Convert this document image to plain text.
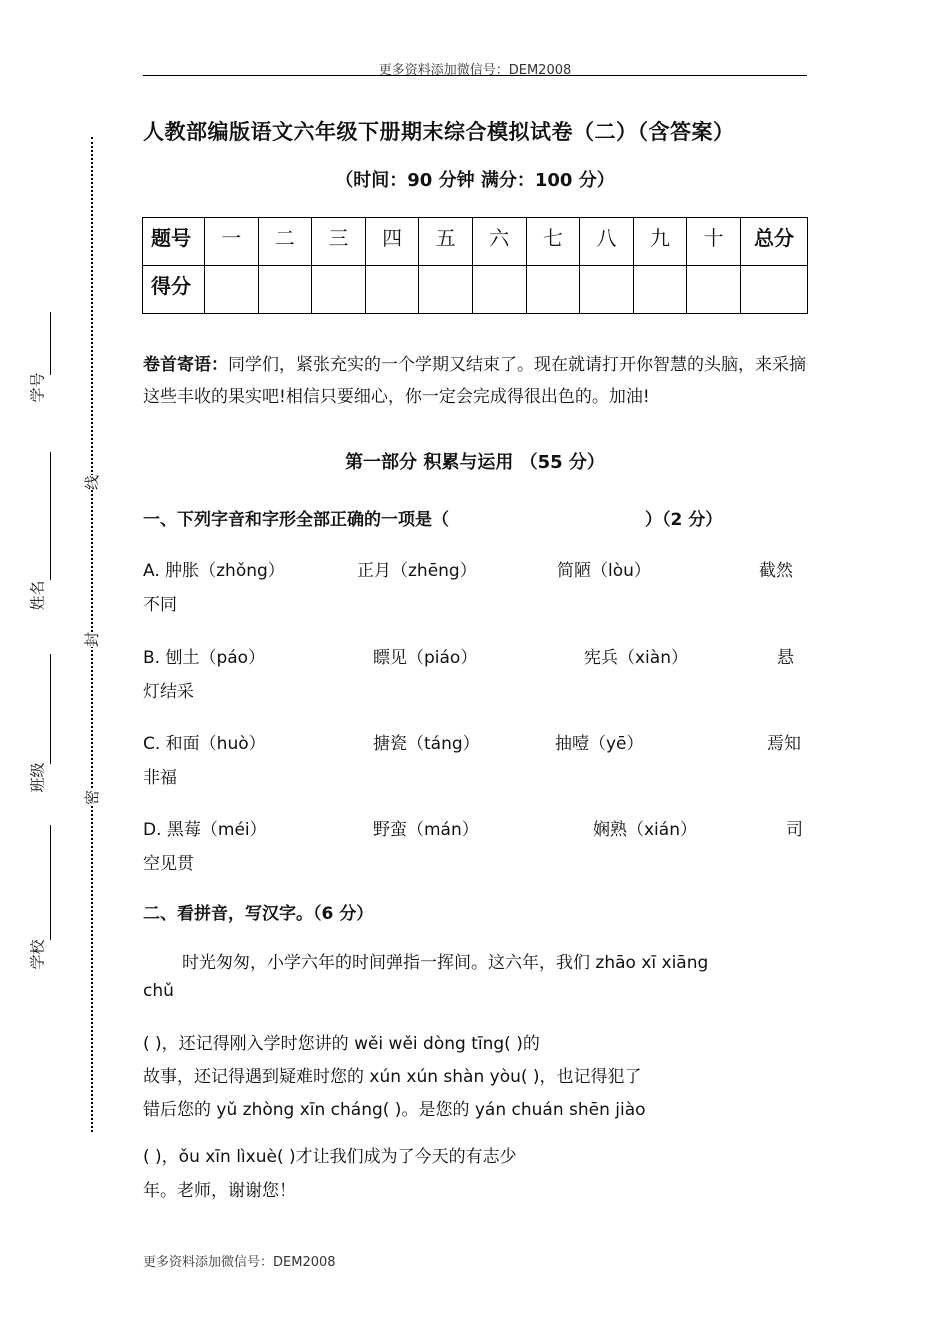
更多资料添加微信号：DEM2008
学号
姓名
班级
学校
线
封
密
人教部编版语文六年级下册期末综合模拟试卷（二）（含答案）
（时间：90 分钟 满分：100 分）
题号	一	二	三	四	五	六	七	八	九	十	总分
得分											
卷首寄语：同学们，紧张充实的一个学期又结束了。现在就请打开你智慧的头脑，来采摘这些丰收的果实吧!相信只要细心，你一定会完成得很出色的。加油!
第一部分 积累与运用 （55 分）
一、下列字音和字形全部正确的一项是（	）（2 分）
A. 肿胀（zhǒng）	正月（zhēng）	简陋（lòu）	截然
不同
B. 刨土（páo）	瞟见（piáo）	宪兵（xiàn）	悬
灯结采
C. 和面（huò）	搪瓷（táng）	抽噎（yē）	焉知
非福
D. 黑莓（méi）	野蛮（mán）	娴熟（xián）	司
空见贯
二、看拼音，写汉字。（6 分）
时光匆匆，小学六年的时间弹指一挥间。这六年，我们 zhāo xī xiāng
chǔ
( )，还记得刚入学时您讲的 wěi wěi dòng tīng( )的
故事，还记得遇到疑难时您的 xún xún shàn yòu( )，也记得犯了
错后您的 yǔ zhòng xīn cháng( )。是您的 yán chuán shēn jiào
( )，ǒu xīn lìxuè( )才让我们成为了今天的有志少
年。老师，谢谢您！
更多资料添加微信号：DEM2008
